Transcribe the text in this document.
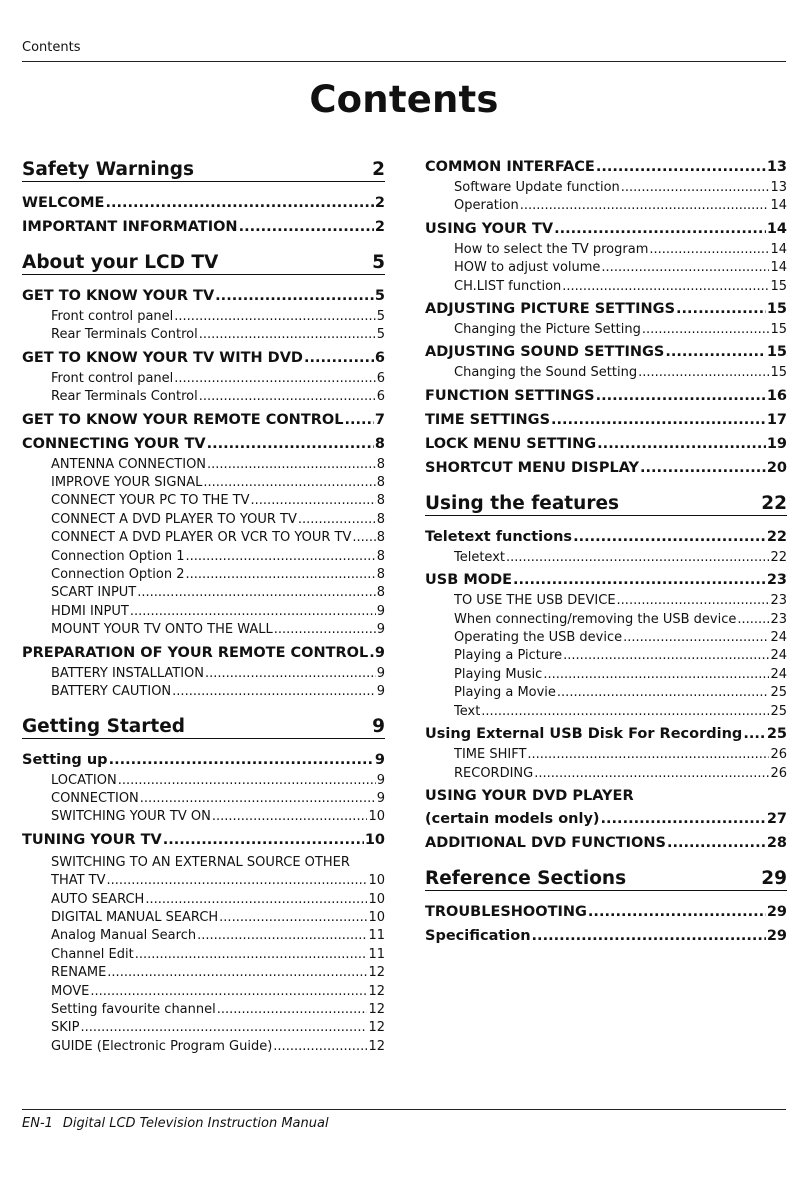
Contents
Contents
Safety Warnings	2
WELCOME .....	2
IMPORTANT INFORMATION .....	2
About your LCD TV	5
GET TO KNOW YOUR TV .....	5
Front control panel .....	5
Rear Terminals Control .....	5
GET TO KNOW YOUR TV WITH DVD .....	6
Front control panel .....	6
Rear Terminals Control .....	6
GET TO KNOW YOUR REMOTE CONTROL ..... 7
CONNECTING YOUR TV .....	8
ANTENNA CONNECTION .....	8
IMPROVE YOUR SIGNAL .....	8
CONNECT YOUR PC TO THE TV .....	8
CONNECT A DVD PLAYER TO YOUR TV .....	8
CONNECT A DVD PLAYER OR VCR TO YOUR TV ..... 8
Connection Option 1 .....	8
Connection Option 2 .....	8
SCART INPUT .....	8
HDMI INPUT .....	9
MOUNT YOUR TV ONTO THE WALL .....	9
PREPARATION OF YOUR REMOTE CONTROL ..... 9
BATTERY INSTALLATION .....	9
BATTERY CAUTION .....	9
Getting Started	9
Setting up .....	9
LOCATION .....	9
CONNECTION .....	9
SWITCHING YOUR TV ON .....	10
TUNING YOUR TV .....	10
SWITCHING TO AN EXTERNAL SOURCE OTHER
THAT TV .....	10
AUTO SEARCH .....	10
DIGITAL MANUAL SEARCH .....	10
Analog Manual Search .....	11
Channel Edit .....	11
RENAME .....	12
MOVE .....	12
Setting favourite channel .....	12
SKIP .....	12
GUIDE (Electronic Program Guide) .....	12
COMMON INTERFACE .....	13
Software Update function .....	13
Operation .....	14
USING YOUR TV .....	14
How to select the TV program .....	14
HOW to adjust volume .....	14
CH.LIST function .....	15
ADJUSTING PICTURE SETTINGS .....	15
Changing the Picture Setting .....	15
ADJUSTING SOUND SETTINGS .....	15
Changing the Sound Setting .....	15
FUNCTION SETTINGS .....	16
TIME SETTINGS .....	17
LOCK MENU SETTING .....	19
SHORTCUT MENU DISPLAY .....	20
Using the features	22
Teletext functions .....	22
Teletext .....	22
USB MODE .....	23
TO USE THE USB DEVICE .....	23
When connecting/removing the USB device .....	23
Operating the USB device .....	24
Playing a Picture .....	24
Playing Music .....	24
Playing a Movie .....	25
Text .....	25
Using External USB Disk For Recording ..... 25
TIME SHIFT .....	26
RECORDING .....	26
USING YOUR DVD PLAYER
(certain models only) .....	27
ADDITIONAL DVD FUNCTIONS .....	28
Reference Sections	29
TROUBLESHOOTING .....	29
Specification .....	29
EN-1 Digital LCD Television Instruction Manual
